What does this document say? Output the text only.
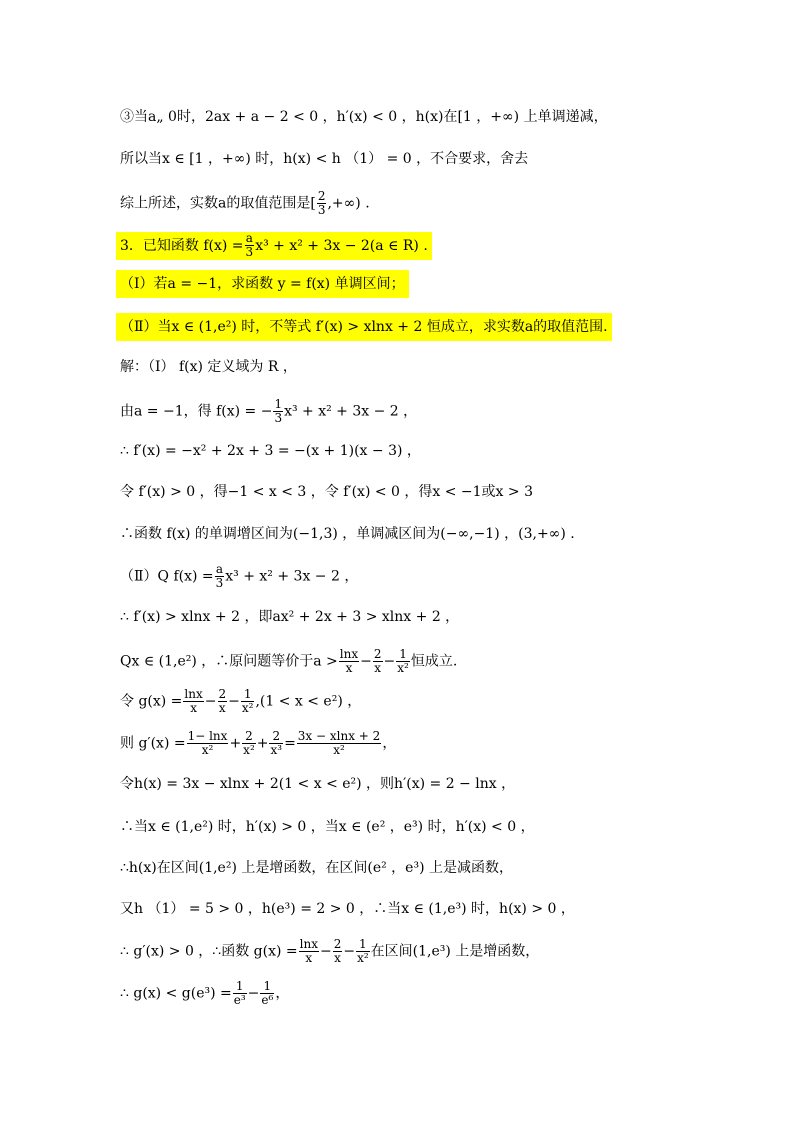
③当a„ 0时，2ax + a − 2 < 0 ，h′(x) < 0 ，h(x)在[1 ，+∞) 上单调递减，
所以当x ∈ [1 ，+∞) 时，h(x) < h （1） = 0 ，不合要求，舍去
综上所述，实数a的取值范围是[ $\frac{2}{3}$ ,+∞) .
3．已知函数 $f(x) = \frac{a}{3} x^3 + x^2 + 3x - 2(a$ ∈ R) .
（Ⅰ）若a = −1，求函数 y = f(x) 单调区间；
（Ⅱ）当x ∈ (1,e²) 时，不等式 f′(x) > xlnx + 2 恒成立，求实数a的取值范围.
解：（Ⅰ） f(x) 定义域为 R ，
由a = −1，得 f(x) = − $\frac{1}{3} x^3 + x^2 + 3x - 2$ ，
∴ f′(x) = −x² + 2x + 3 = −(x + 1)(x − 3) ，
令 f′(x) > 0 ，得−1 < x < 3 ，令 f′(x) < 0 ，得x < −1或x > 3
∴函数 f(x) 的单调增区间为(−1,3) ，单调减区间为(−∞,−1) ，(3,+∞) .
（Ⅱ）Q $f(x) = \frac{a}{3} x^3 + x^2 + 3x - 2$ ，
∴ f′(x) > xlnx + 2 ，即ax² + 2x + 3 > xlnx + 2 ，
Qx ∈ (1,e²) ，∴原问题等价于$a > \frac{\ln x}{x} - \frac{2}{x} - \frac{1}{\text{x²}}$ 恒成立.
令 $g(x) = \frac{\ln x}{x} - \frac{2}{x} - \frac{1}{\text{x²}} ,(1 < x < e^2)$ ，
则 $g'(x) = \frac{1- \ln x}{\text{x²}} + \frac{2}{\text{x²}} + \frac{2}{\text{x³}} = \frac{3x - xlnx + 2}{\text{x²}}$ ，
令h(x) = 3x − xlnx + 2(1 < x < e²) ，则h′(x) = 2 − lnx ，
∴当x ∈ (1,e²) 时，h′(x) > 0 ，当x ∈ (e² ，e³) 时，h′(x) < 0 ，
∴h(x)在区间(1,e²) 上是增函数，在区间(e² ，e³) 上是减函数，
又h （1） = 5 > 0 ，h(e³) = 2 > 0 ，∴当x ∈ (1,e³) 时，h(x) > 0 ，
∴ g′(x) > 0 ，∴函数 $g(x) = \frac{\ln x}{x} - \frac{2}{x} - \frac{1}{\text{x²}}$ 在区间(1,e³) 上是增函数，
∴ $g(x) < g(e^3) = \frac{1}{\text{e³}} - \frac{1}{\text{e⁶}}$ ，
